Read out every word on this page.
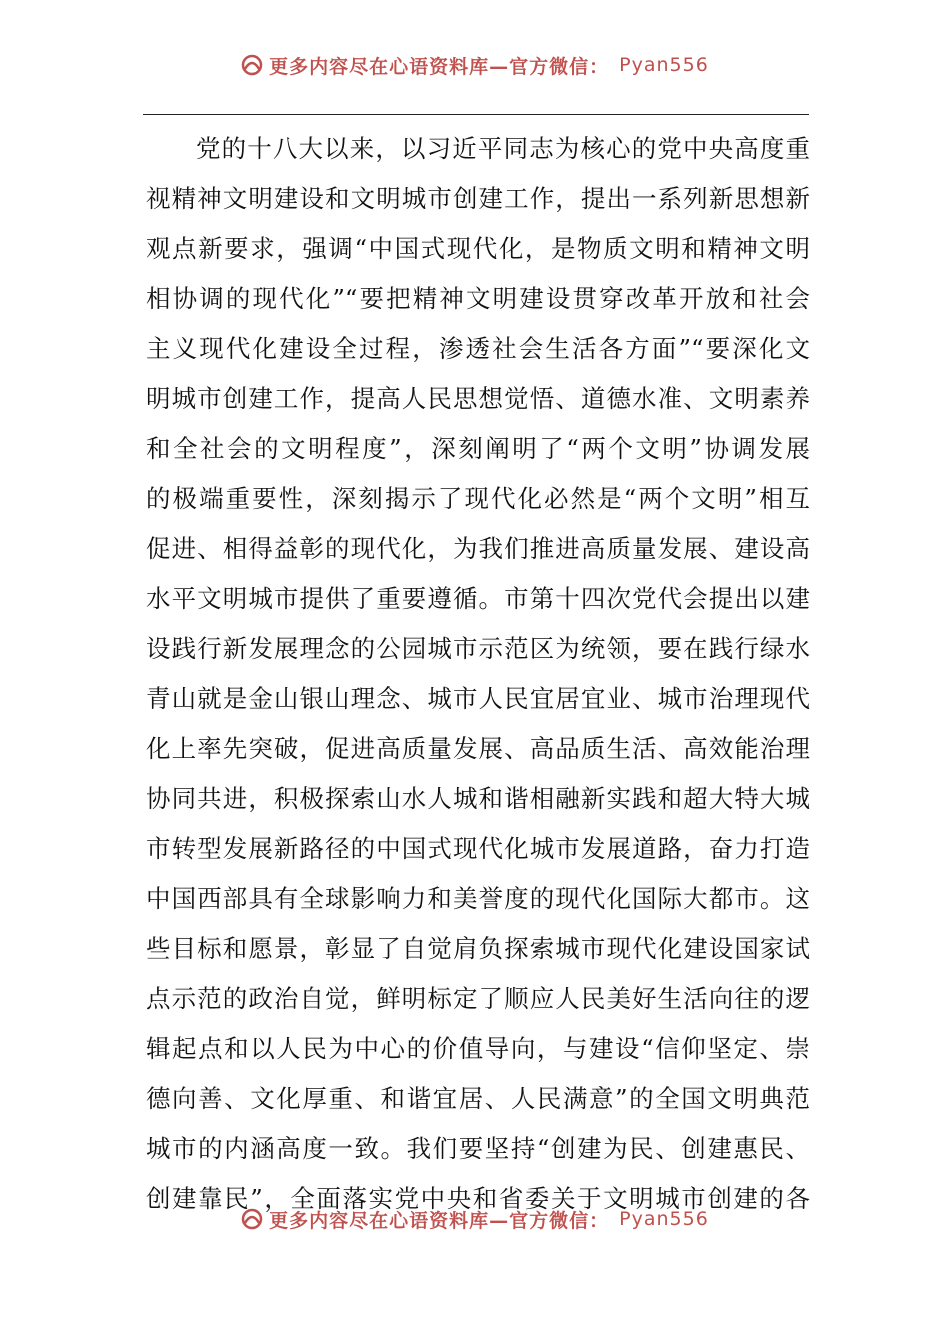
更多内容尽在心语资料库—官方微信： Pyan556
党的十八大以来，以习近平同志为核心的党中央高度重
视精神文明建设和文明城市创建工作，提出一系列新思想新
观点新要求，强调“中国式现代化，是物质文明和精神文明
相协调的现代化”“要把精神文明建设贯穿改革开放和社会
主义现代化建设全过程，渗透社会生活各方面”“要深化文
明城市创建工作，提高人民思想觉悟、道德水准、文明素养
和全社会的文明程度”，深刻阐明了“两个文明”协调发展
的极端重要性，深刻揭示了现代化必然是“两个文明”相互
促进、相得益彰的现代化，为我们推进高质量发展、建设高
水平文明城市提供了重要遵循。市第十四次党代会提出以建
设践行新发展理念的公园城市示范区为统领，要在践行绿水
青山就是金山银山理念、城市人民宜居宜业、城市治理现代
化上率先突破，促进高质量发展、高品质生活、高效能治理
协同共进，积极探索山水人城和谐相融新实践和超大特大城
市转型发展新路径的中国式现代化城市发展道路，奋力打造
中国西部具有全球影响力和美誉度的现代化国际大都市。这
些目标和愿景，彰显了自觉肩负探索城市现代化建设国家试
点示范的政治自觉，鲜明标定了顺应人民美好生活向往的逻
辑起点和以人民为中心的价值导向，与建设“信仰坚定、崇
德向善、文化厚重、和谐宜居、人民满意”的全国文明典范
城市的内涵高度一致。我们要坚持“创建为民、创建惠民、
创建靠民”，全面落实党中央和省委关于文明城市创建的各
更多内容尽在心语资料库—官方微信： Pyan556
